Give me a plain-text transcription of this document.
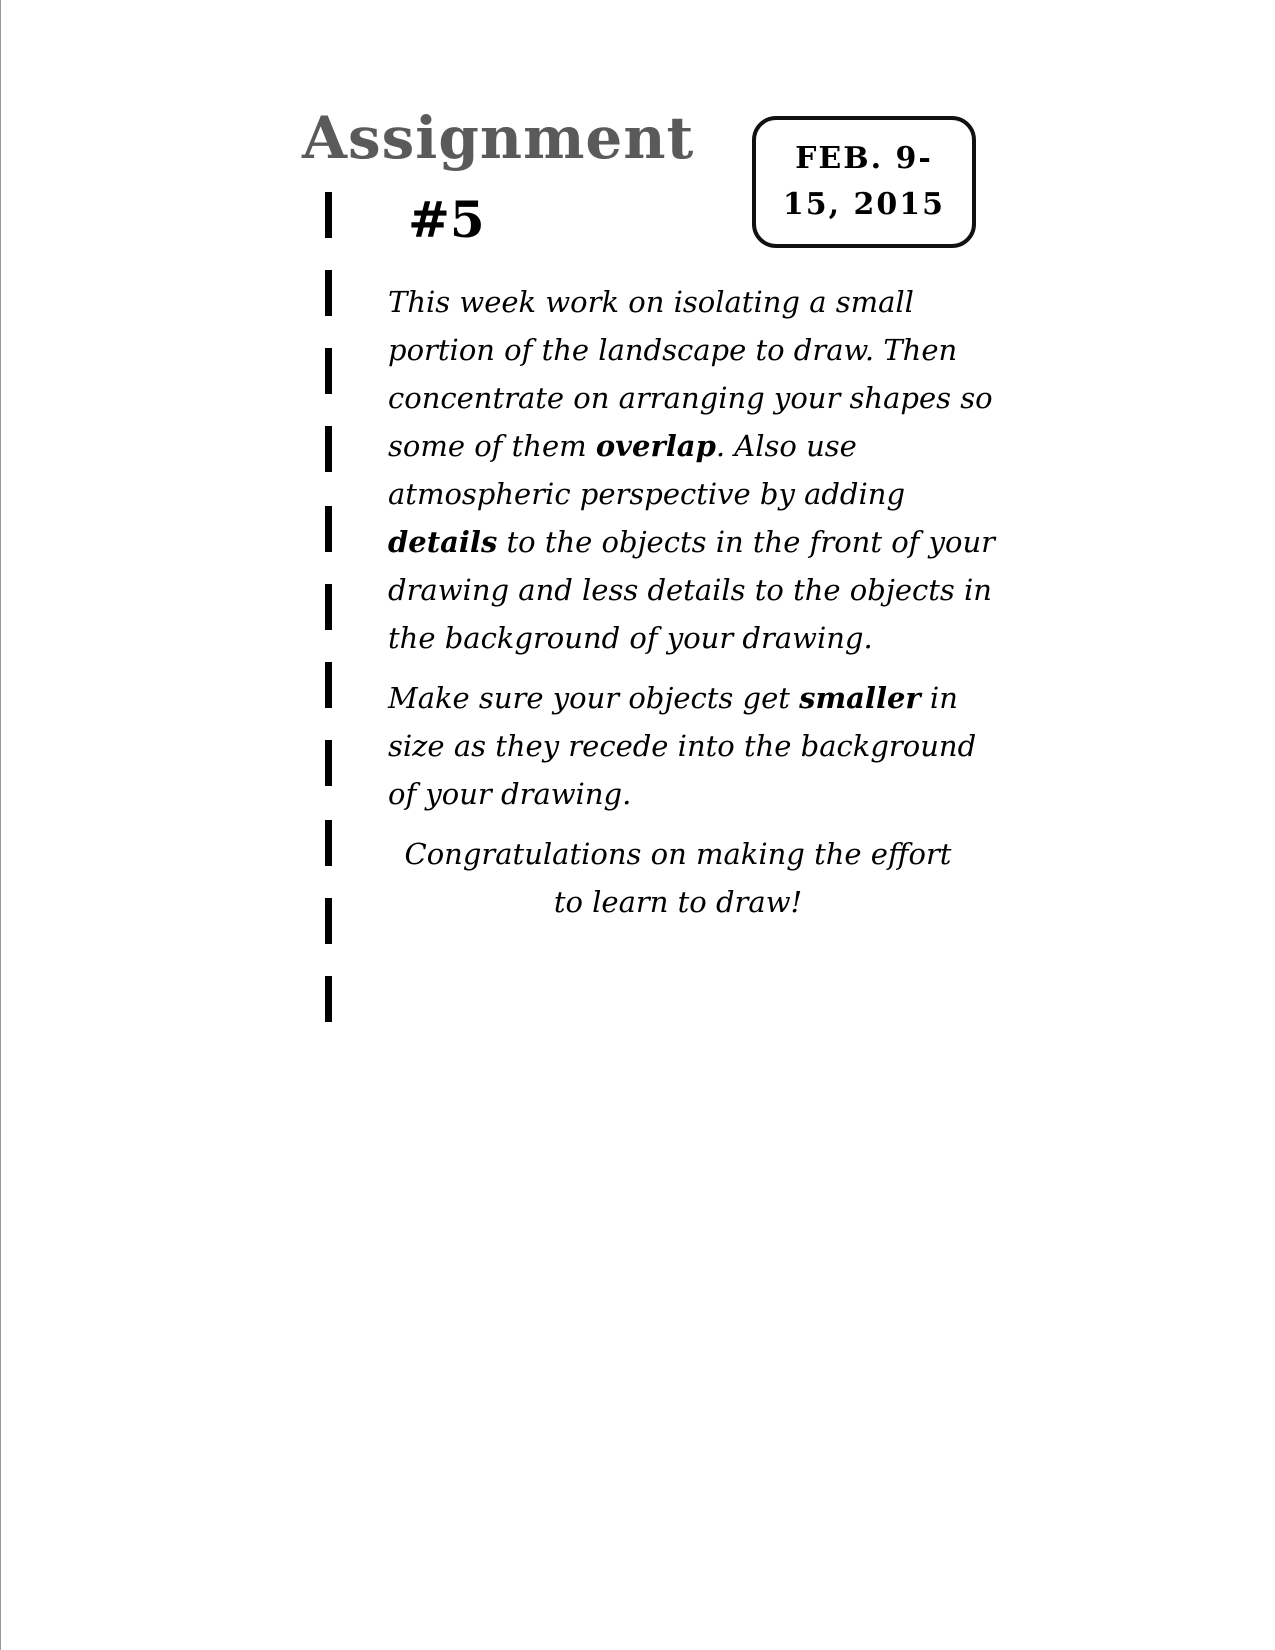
Assignment
#5
FEB. 9-
15, 2015

This week work on isolating a small portion of the landscape to draw. Then concentrate on arranging your shapes so some of them overlap. Also use atmospheric perspective by adding details to the objects in the front of your drawing and less details to the objects in the background of your drawing.

Make sure your objects get smaller in size as they recede into the background of your drawing.

Congratulations on making the effort to learn to draw!
